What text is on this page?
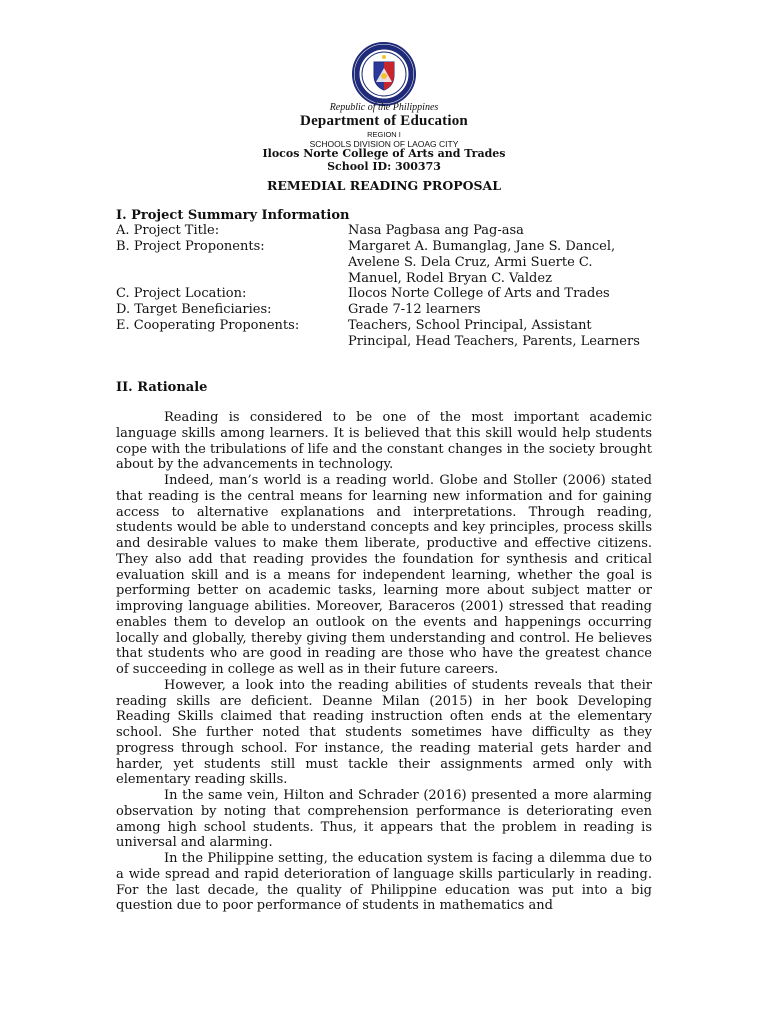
Republic of the Philippines
Department of Education
REGION I
SCHOOLS DIVISION OF LAOAG CITY
Ilocos Norte College of Arts and Trades
School ID: 300373
REMEDIAL READING PROPOSAL
I. Project Summary Information
A. Project Title:	Nasa Pagbasa ang Pag-asa
B. Project Proponents:	Margaret A. Bumanglag, Jane S. Dancel, Avelene S. Dela Cruz, Armi Suerte C. Manuel, Rodel Bryan C. Valdez
C. Project Location:	Ilocos Norte College of Arts and Trades
D. Target Beneficiaries:	Grade 7-12 learners
E. Cooperating Proponents:	Teachers, School Principal, Assistant Principal, Head Teachers, Parents, Learners
II. Rationale

Reading is considered to be one of the most important academic language skills among learners. It is believed that this skill would help students cope with the tribulations of life and the constant changes in the society brought about by the advancements in technology.

Indeed, man’s world is a reading world. Globe and Stoller (2006) stated that reading is the central means for learning new information and for gaining access to alternative explanations and interpretations. Through reading, students would be able to understand concepts and key principles, process skills and desirable values to make them liberate, productive and effective citizens. They also add that reading provides the foundation for synthesis and critical evaluation skill and is a means for independent learning, whether the goal is performing better on academic tasks, learning more about subject matter or improving language abilities. Moreover, Baraceros (2001) stressed that reading enables them to develop an outlook on the events and happenings occurring locally and globally, thereby giving them understanding and control. He believes that students who are good in reading are those who have the greatest chance of succeeding in college as well as in their future careers.

However, a look into the reading abilities of students reveals that their reading skills are deficient. Deanne Milan (2015) in her book Developing Reading Skills claimed that reading instruction often ends at the elementary school. She further noted that students sometimes have difficulty as they progress through school. For instance, the reading material gets harder and harder, yet students still must tackle their assignments armed only with elementary reading skills.

In the same vein, Hilton and Schrader (2016) presented a more alarming observation by noting that comprehension performance is deteriorating even among high school students. Thus, it appears that the problem in reading is universal and alarming.

In the Philippine setting, the education system is facing a dilemma due to a wide spread and rapid deterioration of language skills particularly in reading. For the last decade, the quality of Philippine education was put into a big question due to poor performance of students in mathematics and
